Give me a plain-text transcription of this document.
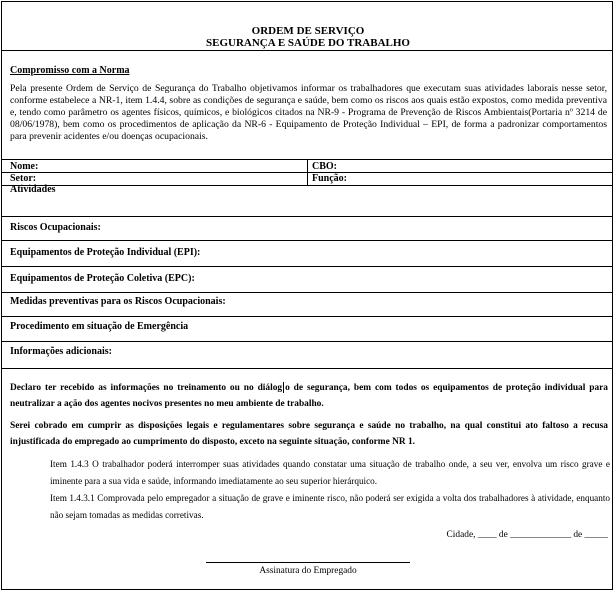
ORDEM DE SERVIÇO
SEGURANÇA E SAÚDE DO TRABALHO
Compromisso com a Norma
Pela presente Ordem de Serviço de Segurança do Trabalho objetivamos informar os trabalhadores que executam suas atividades laborais nesse setor, conforme estabelece a NR-1, item 1.4.4, sobre as condições de segurança e saúde, bem como os riscos aos quais estão expostos, como medida preventiva e, tendo como parâmetro os agentes físicos, químicos, e biológicos citados na NR-9 - Programa de Prevenção de Riscos Ambientais(Portaria nº 3214 de 08/06/1978), bem como os procedimentos de aplicação da NR-6 - Equipamento de Proteção Individual – EPI, de forma a padronizar comportamentos para prevenir acidentes e/ou doenças ocupacionais.
Nome:	CBO:
Setor:	Função:
Atividades
Riscos Ocupacionais:
Equipamentos de Proteção Individual (EPI):
Equipamentos de Proteção Coletiva (EPC):
Medidas preventivas para os Riscos Ocupacionais:
Procedimento em situação de Emergência
Informações adicionais:
Declaro ter recebido as informações no treinamento ou no diálog o de segurança, bem com todos os equipamentos de proteção individual para neutralizar a ação dos agentes nocivos presentes no meu ambiente de trabalho.
Serei cobrado em cumprir as disposições legais e regulamentares sobre segurança e saúde no trabalho, na qual constitui ato faltoso a recusa injustificada do empregado ao cumprimento do disposto, exceto na seguinte situação, conforme NR 1.
Item 1.4.3 O trabalhador poderá interromper suas atividades quando constatar uma situação de trabalho onde, a seu ver, envolva um risco grave e iminente para a sua vida e saúde, informando imediatamente ao seu superior hierárquico.
Item 1.4.3.1 Comprovada pelo empregador a situação de grave e iminente risco, não poderá ser exigida a volta dos trabalhadores à atividade, enquanto não sejam tomadas as medidas corretivas.
Cidade, ____ de _____________ de _____
Assinatura do Empregado
